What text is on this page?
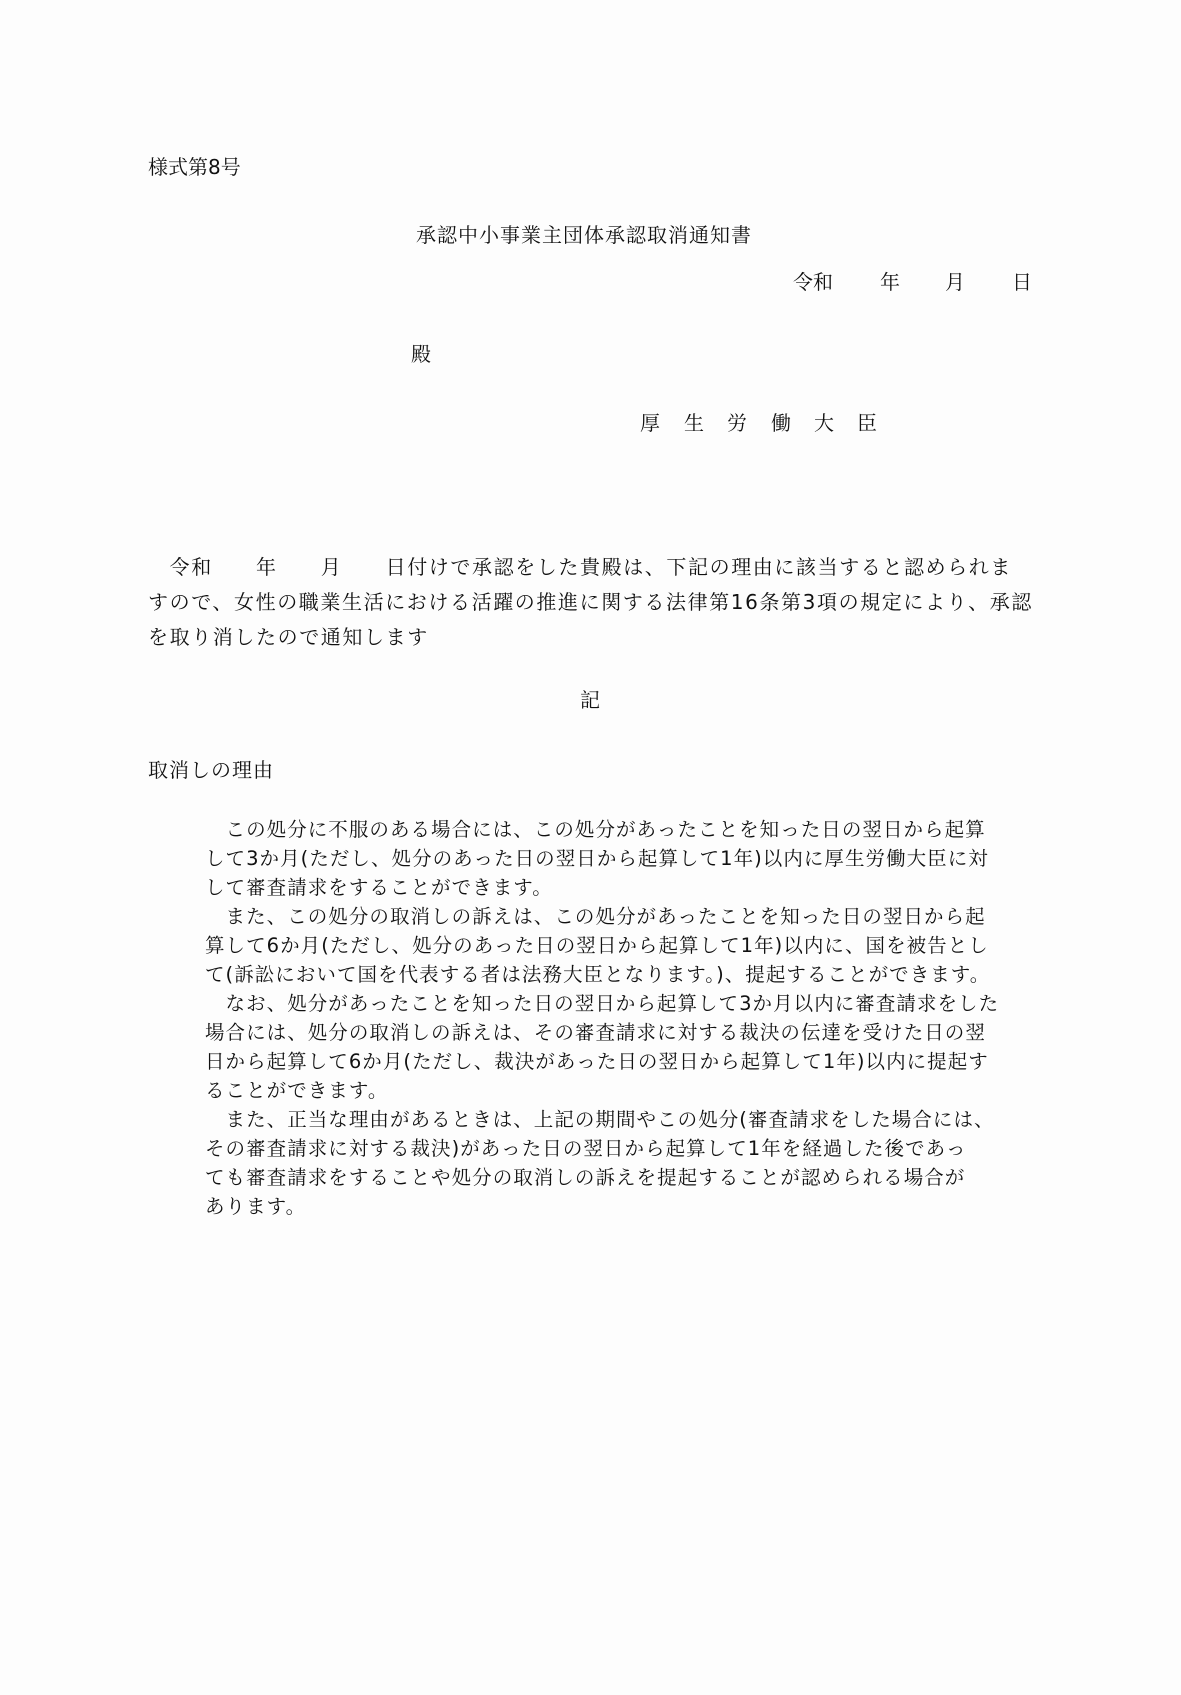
様式第8号
承認中小事業主団体承認取消通知書
令和 年 月 日
殿
厚 生 労 働 大 臣
　令和　　年　　月　　日付けで承認をした貴殿は、下記の理由に該当すると認められま
すので、女性の職業生活における活躍の推進に関する法律第16条第3項の規定により、承認
を取り消したので通知します
記
取消しの理由
　この処分に不服のある場合には、この処分があったことを知った日の翌日から起算
して3か月(ただし、処分のあった日の翌日から起算して1年)以内に厚生労働大臣に対
して審査請求をすることができます。
　また、この処分の取消しの訴えは、この処分があったことを知った日の翌日から起
算して6か月(ただし、処分のあった日の翌日から起算して1年)以内に、国を被告とし
て(訴訟において国を代表する者は法務大臣となります。)、提起することができます。
　なお、処分があったことを知った日の翌日から起算して3か月以内に審査請求をした
場合には、処分の取消しの訴えは、その審査請求に対する裁決の伝達を受けた日の翌
日から起算して6か月(ただし、裁決があった日の翌日から起算して1年)以内に提起す
ることができます。
　また、正当な理由があるときは、上記の期間やこの処分(審査請求をした場合には、
その審査請求に対する裁決)があった日の翌日から起算して1年を経過した後であっ
ても審査請求をすることや処分の取消しの訴えを提起することが認められる場合が
あります。
